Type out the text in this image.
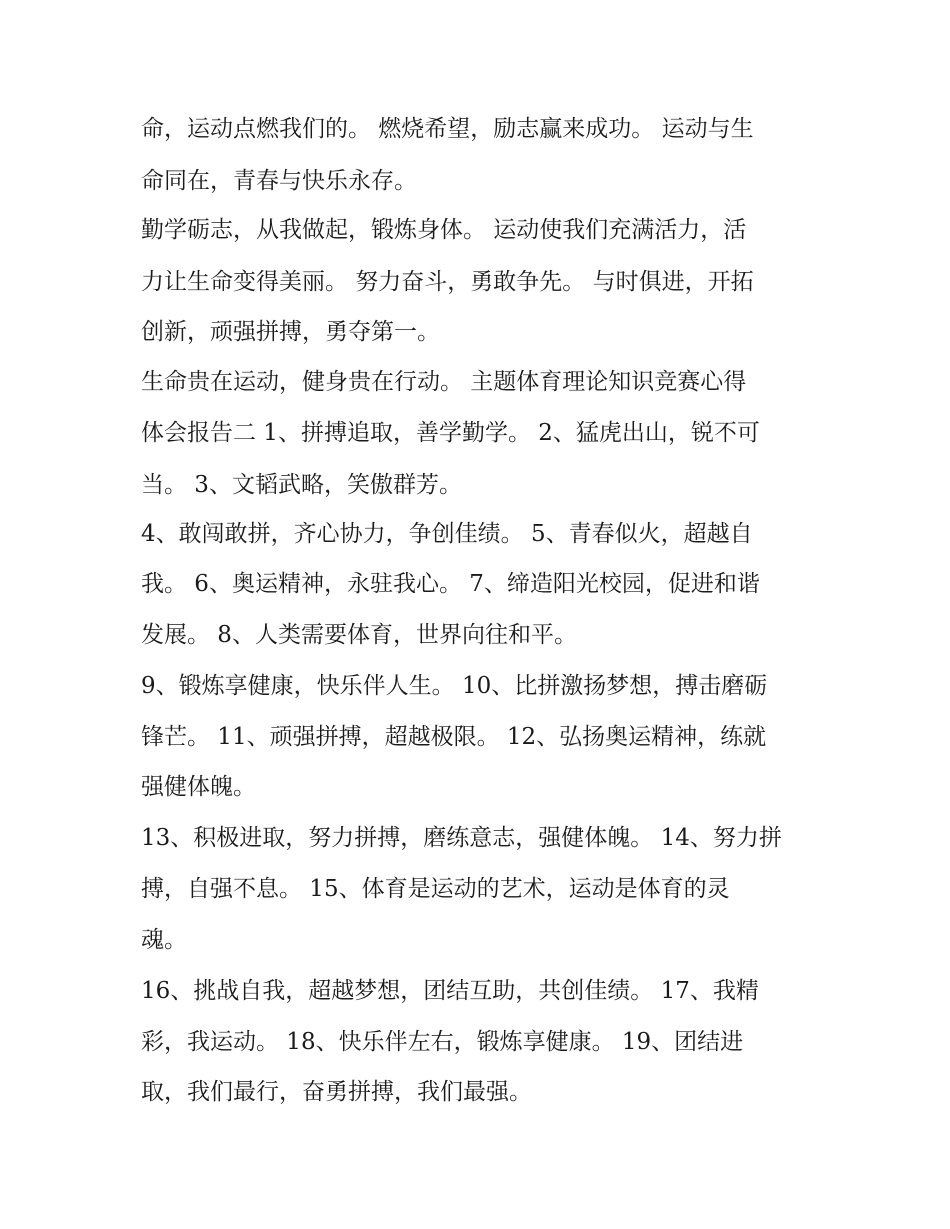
命，运动点燃我们的。 燃烧希望，励志赢来成功。 运动与生
命同在，青春与快乐永存。
勤学砺志，从我做起，锻炼身体。 运动使我们充满活力，活
力让生命变得美丽。 努力奋斗，勇敢争先。 与时俱进，开拓
创新，顽强拼搏，勇夺第一。
生命贵在运动，健身贵在行动。 主题体育理论知识竞赛心得
体会报告二 1、拼搏追取，善学勤学。 2、猛虎出山，锐不可
当。 3、文韬武略，笑傲群芳。
4、敢闯敢拼，齐心协力，争创佳绩。 5、青春似火，超越自
我。 6、奥运精神，永驻我心。 7、缔造阳光校园，促进和谐
发展。 8、人类需要体育，世界向往和平。
9、锻炼享健康，快乐伴人生。 10、比拼激扬梦想，搏击磨砺
锋芒。 11、顽强拼搏，超越极限。 12、弘扬奥运精神，练就
强健体魄。
13、积极进取，努力拼搏，磨练意志，强健体魄。 14、努力拼
搏，自强不息。 15、体育是运动的艺术，运动是体育的灵
魂。
16、挑战自我，超越梦想，团结互助，共创佳绩。 17、我精
彩，我运动。 18、快乐伴左右，锻炼享健康。 19、团结进
取，我们最行，奋勇拼搏，我们最强。
